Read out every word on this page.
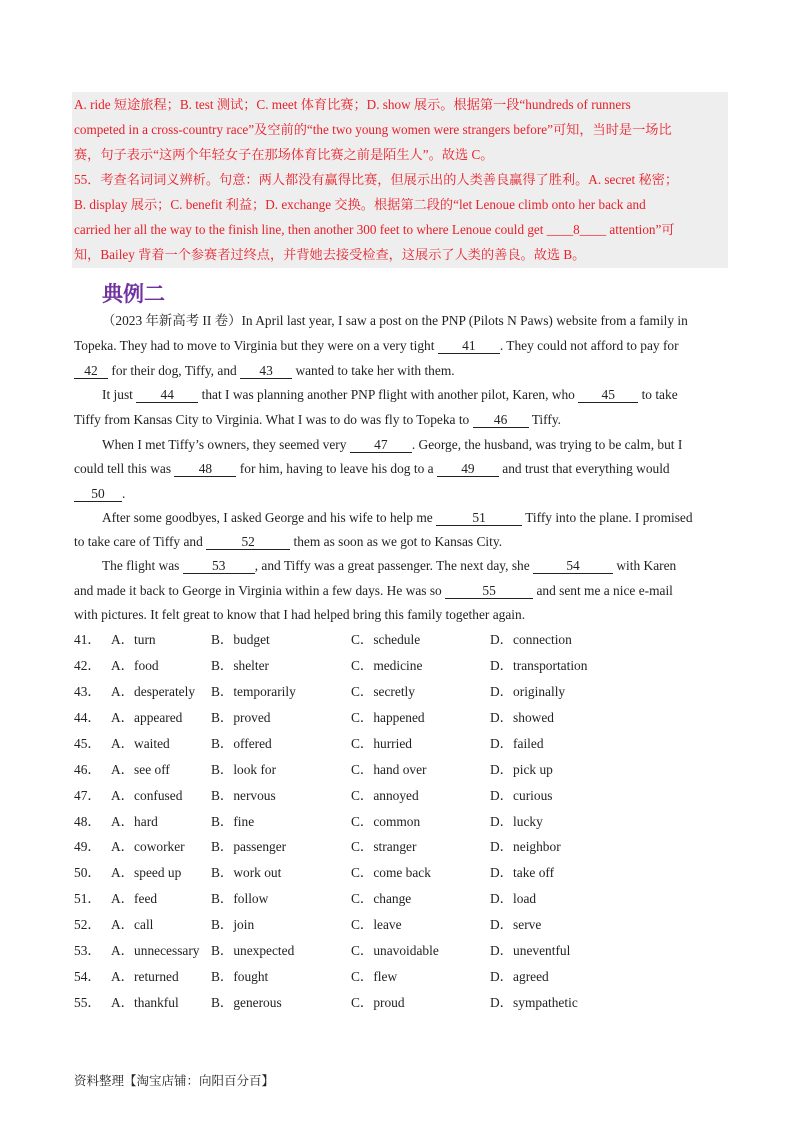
A. ride 短途旅程；B. test 测试；C. meet 体育比赛；D. show 展示。根据第一段“hundreds of runners
competed in a cross-country race”及空前的“the two young women were strangers before”可知，当时是一场比
赛，句子表示“这两个年轻女子在那场体育比赛之前是陌生人”。故选 C。
55．考查名词词义辨析。句意：两人都没有赢得比赛，但展示出的人类善良赢得了胜利。A. secret 秘密；
B. display 展示；C. benefit 利益；D. exchange 交换。根据第二段的“let Lenoue climb onto her back and
carried her all the way to the finish line, then another 300 feet to where Lenoue could get ____8____ attention”可
知，Bailey 背着一个参赛者过终点，并背她去接受检查，这展示了人类的善良。故选 B。
典例二
（2023 年新高考 II 卷）In April last year, I saw a post on the PNP (Pilots N Paws) website from a family in
Topeka. They had to move to Virginia but they were on a very tight 41 . They could not afford to pay for
42 for their dog, Tiffy, and 43 wanted to take her with them.
It just 44 that I was planning another PNP flight with another pilot, Karen, who 45 to take
Tiffy from Kansas City to Virginia. What I was to do was fly to Topeka to 46 Tiffy.
When I met Tiffy’s owners, they seemed very 47 . George, the husband, was trying to be calm, but I
could tell this was 48 for him, having to leave his dog to a 49 and trust that everything would
50 .
After some goodbyes, I asked George and his wife to help me	51	Tiffy into the plane. I promised
to take care of Tiffy and	52	them as soon as we got to Kansas City.
The flight was 53 , and Tiffy was a great passenger. The next day, she	54	with Karen
and made it back to George in Virginia within a few days. He was so	55	and sent me a nice e-mail
with pictures. It felt great to know that I had helped bring this family together again.
41． A．turn	B．budget	C．schedule	D．connection
42． A．food	B．shelter	C．medicine	D．transportation
43． A．desperately B．temporarily	C．secretly	D．originally
44． A．appeared B．proved	C．happened	D．showed
45． A．waited	B．offered	C．hurried	D．failed
46． A．see off	B．look for	C．hand over	D．pick up
47． A．confused B．nervous	C．annoyed	D．curious
48． A．hard	B．fine	C．common	D．lucky
49． A．coworker B．passenger	C．stranger	D．neighbor
50． A．speed up B．work out	C．come back	D．take off
51． A．feed	B．follow	C．change	D．load
52． A．call	B．join	C．leave	D．serve
53． A．unnecessary B．unexpected	C．unavoidable	D．uneventful
54． A．returned B．fought	C．flew	D．agreed
55． A．thankful B．generous	C．proud	D．sympathetic
资料整理【淘宝店铺：向阳百分百】
